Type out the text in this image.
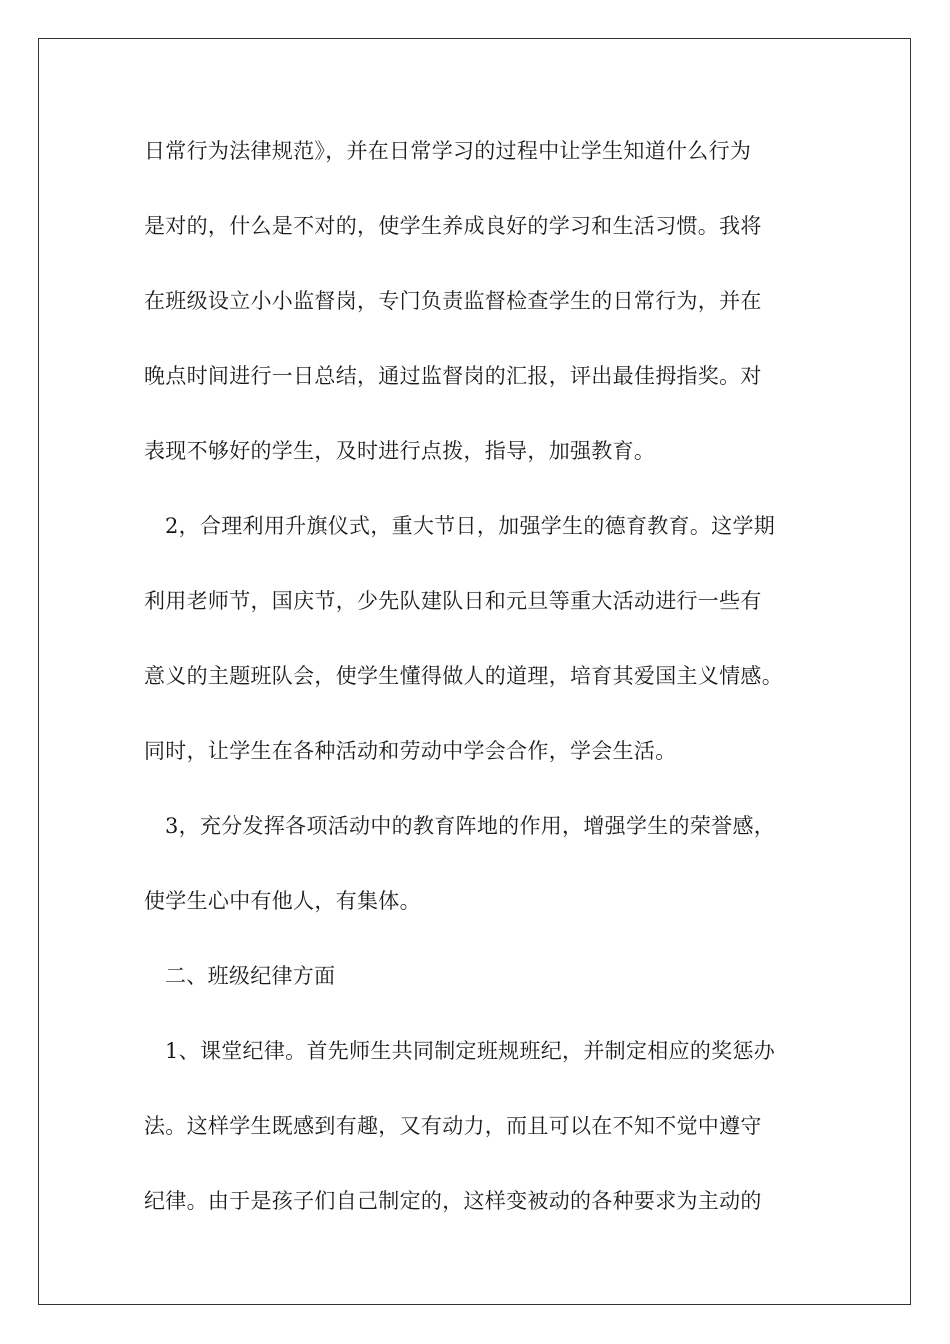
日常行为法律规范》，并在日常学习的过程中让学生知道什么行为
是对的，什么是不对的，使学生养成良好的学习和生活习惯。我将
在班级设立小小监督岗，专门负责监督检查学生的日常行为，并在
晚点时间进行一日总结，通过监督岗的汇报，评出最佳拇指奖。对
表现不够好的学生，及时进行点拨，指导，加强教育。
2，合理利用升旗仪式，重大节日，加强学生的德育教育。这学期
利用老师节，国庆节，少先队建队日和元旦等重大活动进行一些有
意义的主题班队会，使学生懂得做人的道理，培育其爱国主义情感。
同时，让学生在各种活动和劳动中学会合作，学会生活。
3，充分发挥各项活动中的教育阵地的作用，增强学生的荣誉感，
使学生心中有他人，有集体。
二、班级纪律方面
1、课堂纪律。首先师生共同制定班规班纪，并制定相应的奖惩办
法。这样学生既感到有趣，又有动力，而且可以在不知不觉中遵守
纪律。由于是孩子们自己制定的，这样变被动的各种要求为主动的
